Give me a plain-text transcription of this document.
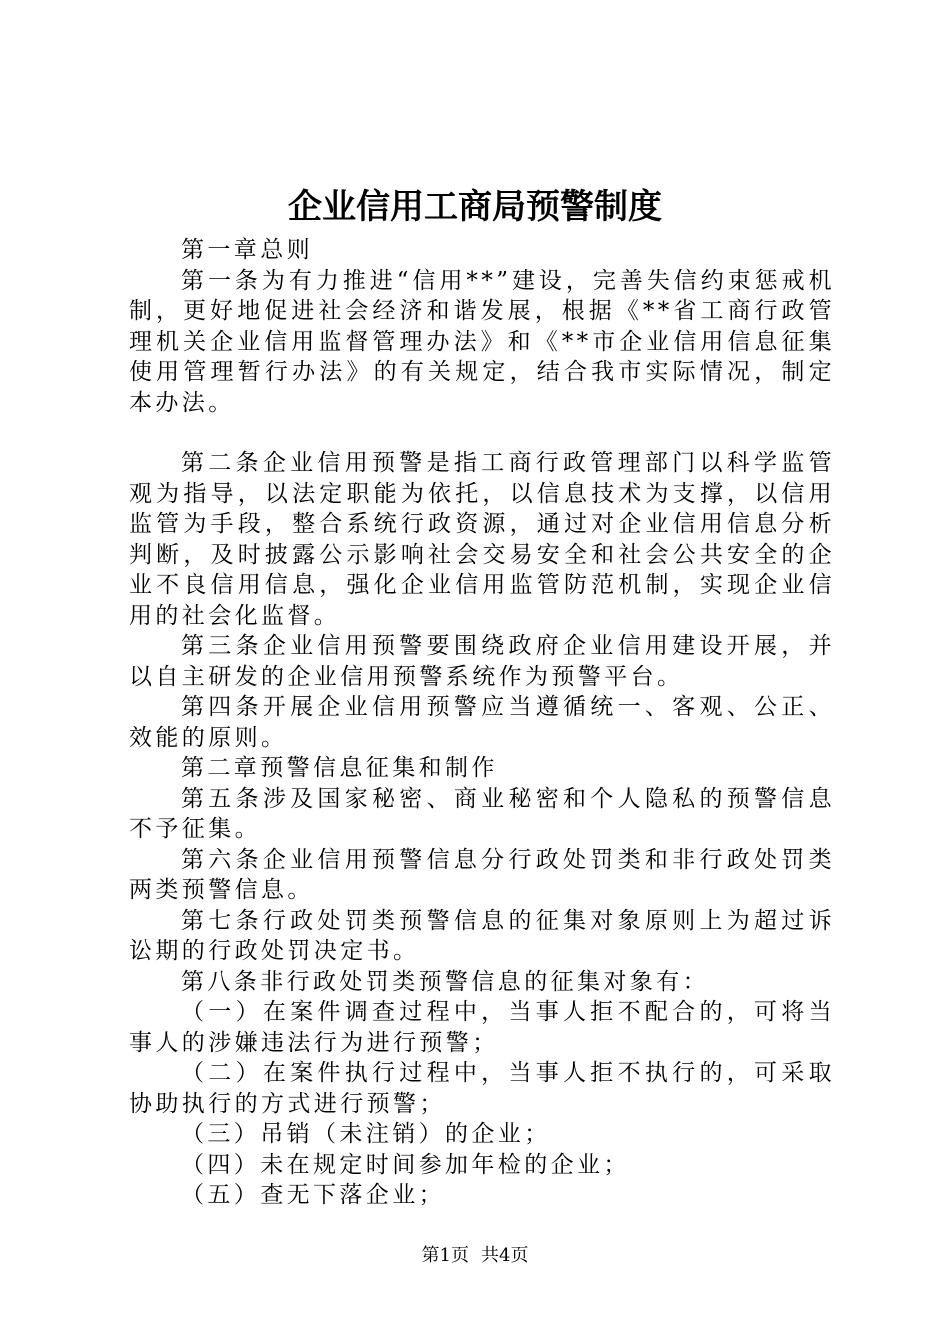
企业信用工商局预警制度

第一章总则

第一条为有力推进“信用**”建设，完善失信约束惩戒机制，更好地促进社会经济和谐发展，根据《**省工商行政管理机关企业信用监督管理办法》和《**市企业信用信息征集使用管理暂行办法》的有关规定，结合我市实际情况，制定本办法。

第二条企业信用预警是指工商行政管理部门以科学监管观为指导，以法定职能为依托，以信息技术为支撑，以信用监管为手段，整合系统行政资源，通过对企业信用信息分析判断，及时披露公示影响社会交易安全和社会公共安全的企业不良信用信息，强化企业信用监管防范机制，实现企业信用的社会化监督。

第三条企业信用预警要围绕政府企业信用建设开展，并以自主研发的企业信用预警系统作为预警平台。

第四条开展企业信用预警应当遵循统一、客观、公正、效能的原则。

第二章预警信息征集和制作

第五条涉及国家秘密、商业秘密和个人隐私的预警信息不予征集。

第六条企业信用预警信息分行政处罚类和非行政处罚类两类预警信息。

第七条行政处罚类预警信息的征集对象原则上为超过诉讼期的行政处罚决定书。

第八条非行政处罚类预警信息的征集对象有：

（一）在案件调查过程中，当事人拒不配合的，可将当事人的涉嫌违法行为进行预警；

（二）在案件执行过程中，当事人拒不执行的，可采取协助执行的方式进行预警；

（三）吊销（未注销）的企业；

（四）未在规定时间参加年检的企业；

（五）查无下落企业；

第1页 共4页
